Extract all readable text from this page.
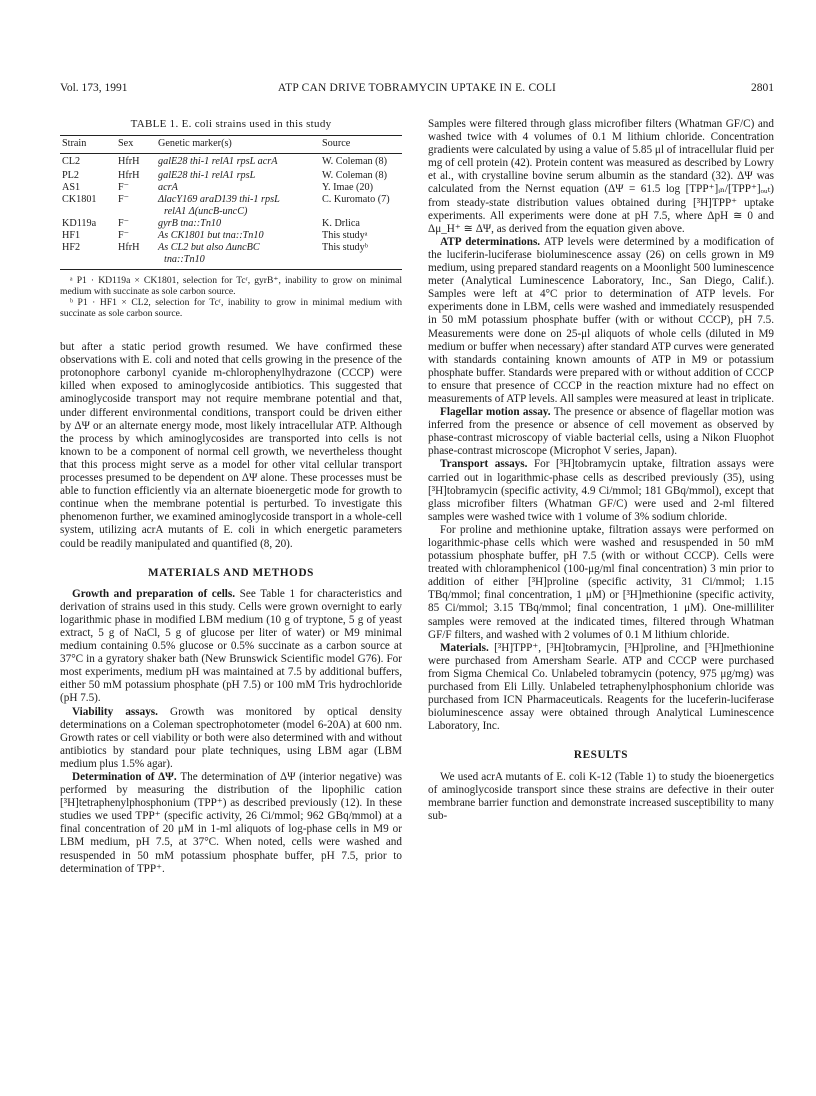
Vol. 173, 1991	ATP CAN DRIVE TOBRAMYCIN UPTAKE IN E. COLI	2801

TABLE 1. E. coli strains used in this study

Strain	Sex	Genetic marker(s)	Source
CL2	HfrH	galE28 thi-1 relA1 rpsL acrA	W. Coleman (8)
PL2	HfrH	galE28 thi-1 relA1 rpsL	W. Coleman (8)
AS1	F⁻	acrA	Y. Imae (20)
CK1801	F⁻	ΔlacY169 araD139 thi-1 rpsL	C. Kuromato (7)
		relA1 Δ(uncB-uncC)	
KD119a	F⁻	gyrB tna::Tn10	K. Drlica
HF1	F⁻	As CK1801 but tna::Tn10	This studyᵃ
HF2	HfrH	As CL2 but also ΔuncBC	This studyᵇ
		tna::Tn10	

ᵃ P1 · KD119a × CK1801, selection for Tcʳ, gyrB⁺, inability to grow on minimal medium with succinate as sole carbon source.

ᵇ P1 · HF1 × CL2, selection for Tcʳ, inability to grow in minimal medium with succinate as sole carbon source.

but after a static period growth resumed. We have confirmed these observations with E. coli and noted that cells growing in the presence of the protonophore carbonyl cyanide m-chlorophenylhydrazone (CCCP) were killed when exposed to aminoglycoside antibiotics. This suggested that aminoglycoside transport may not require membrane potential and that, under different environmental conditions, transport could be driven either by ΔΨ or an alternate energy mode, most likely intracellular ATP. Although the process by which aminoglycosides are transported into cells is not known to be a component of normal cell growth, we nevertheless thought that this process might serve as a model for other vital cellular transport processes presumed to be dependent on ΔΨ alone. These processes must be able to function efficiently via an alternate bioenergetic mode for growth to continue when the membrane potential is perturbed. To investigate this phenomenon further, we examined aminoglycoside transport in a whole-cell system, utilizing acrA mutants of E. coli in which energetic parameters could be readily manipulated and quantified (8, 20).

MATERIALS AND METHODS

Growth and preparation of cells. See Table 1 for characteristics and derivation of strains used in this study. Cells were grown overnight to early logarithmic phase in modified LBM medium (10 g of tryptone, 5 g of yeast extract, 5 g of NaCl, 5 g of glucose per liter of water) or M9 minimal medium containing 0.5% glucose or 0.5% succinate as a carbon source at 37°C in a gyratory shaker bath (New Brunswick Scientific model G76). For most experiments, medium pH was maintained at 7.5 by additional buffers, either 50 mM potassium phosphate (pH 7.5) or 100 mM Tris hydrochloride (pH 7.5).

Viability assays. Growth was monitored by optical density determinations on a Coleman spectrophotometer (model 6-20A) at 600 nm. Growth rates or cell viability or both were also determined with and without antibiotics by standard pour plate techniques, using LBM agar (LBM medium plus 1.5% agar).

Determination of ΔΨ. The determination of ΔΨ (interior negative) was performed by measuring the distribution of the lipophilic cation [³H]tetraphenylphosphonium (TPP⁺) as described previously (12). In these studies we used TPP⁺ (specific activity, 26 Ci/mmol; 962 GBq/mmol) at a final concentration of 20 μM in 1-ml aliquots of log-phase cells in M9 or LBM medium, pH 7.5, at 37°C. When noted, cells were washed and resuspended in 50 mM potassium phosphate buffer, pH 7.5, prior to determination of TPP⁺.

Samples were filtered through glass microfiber filters (Whatman GF/C) and washed twice with 4 volumes of 0.1 M lithium chloride. Concentration gradients were calculated by using a value of 5.85 μl of intracellular fluid per mg of cell protein (42). Protein content was measured as described by Lowry et al., with crystalline bovine serum albumin as the standard (32). ΔΨ was calculated from the Nernst equation (ΔΨ = 61.5 log [TPP⁺]ᵢₙ/[TPP⁺]ₒᵤₜ) from steady-state distribution values obtained during [³H]TPP⁺ uptake experiments. All experiments were done at pH 7.5, where ΔpH ≅ 0 and Δμ_H⁺ ≅ ΔΨ, as derived from the equation given above.

ATP determinations. ATP levels were determined by a modification of the luciferin-luciferase bioluminescence assay (26) on cells grown in M9 medium, using prepared standard reagents on a Moonlight 500 luminescence meter (Analytical Luminescence Laboratory, Inc., San Diego, Calif.). Samples were left at 4°C prior to determination of ATP levels. For experiments done in LBM, cells were washed and immediately resuspended in 50 mM potassium phosphate buffer (with or without CCCP), pH 7.5. Measurements were done on 25-μl aliquots of whole cells (diluted in M9 medium or buffer when necessary) after standard ATP curves were generated with standards containing known amounts of ATP in M9 or potassium phosphate buffer. Standards were prepared with or without addition of CCCP to ensure that presence of CCCP in the reaction mixture had no effect on measurements of ATP levels. All samples were measured at least in triplicate.

Flagellar motion assay. The presence or absence of flagellar motion was inferred from the presence or absence of cell movement as observed by phase-contrast microscopy of viable bacterial cells, using a Nikon Fluophot phase-contrast microscope (Microphot V series, Japan).

Transport assays. For [³H]tobramycin uptake, filtration assays were carried out in logarithmic-phase cells as described previously (35), using [³H]tobramycin (specific activity, 4.9 Ci/mmol; 181 GBq/mmol), except that glass microfiber filters (Whatman GF/C) were used and 2-ml filtered samples were washed twice with 1 volume of 3% sodium chloride.

For proline and methionine uptake, filtration assays were performed on logarithmic-phase cells which were washed and resuspended in 50 mM potassium phosphate buffer, pH 7.5 (with or without CCCP). Cells were treated with chloramphenicol (100-μg/ml final concentration) 3 min prior to addition of either [³H]proline (specific activity, 31 Ci/mmol; 1.15 TBq/mmol; final concentration, 1 μM) or [³H]methionine (specific activity, 85 Ci/mmol; 3.15 TBq/mmol; final concentration, 1 μM). One-milliliter samples were removed at the indicated times, filtered through Whatman GF/F filters, and washed with 2 volumes of 0.1 M lithium chloride.

Materials. [³H]TPP⁺, [³H]tobramycin, [³H]proline, and [³H]methionine were purchased from Amersham Searle. ATP and CCCP were purchased from Sigma Chemical Co. Unlabeled tobramycin (potency, 975 μg/mg) was purchased from Eli Lilly. Unlabeled tetraphenylphosphonium chloride was purchased from ICN Pharmaceuticals. Reagents for the luceferin-luciferase bioluminescence assay were obtained through Analytical Luminescence Laboratory, Inc.

RESULTS

We used acrA mutants of E. coli K-12 (Table 1) to study the bioenergetics of aminoglycoside transport since these strains are defective in their outer membrane barrier function and demonstrate increased susceptibility to many sub-
